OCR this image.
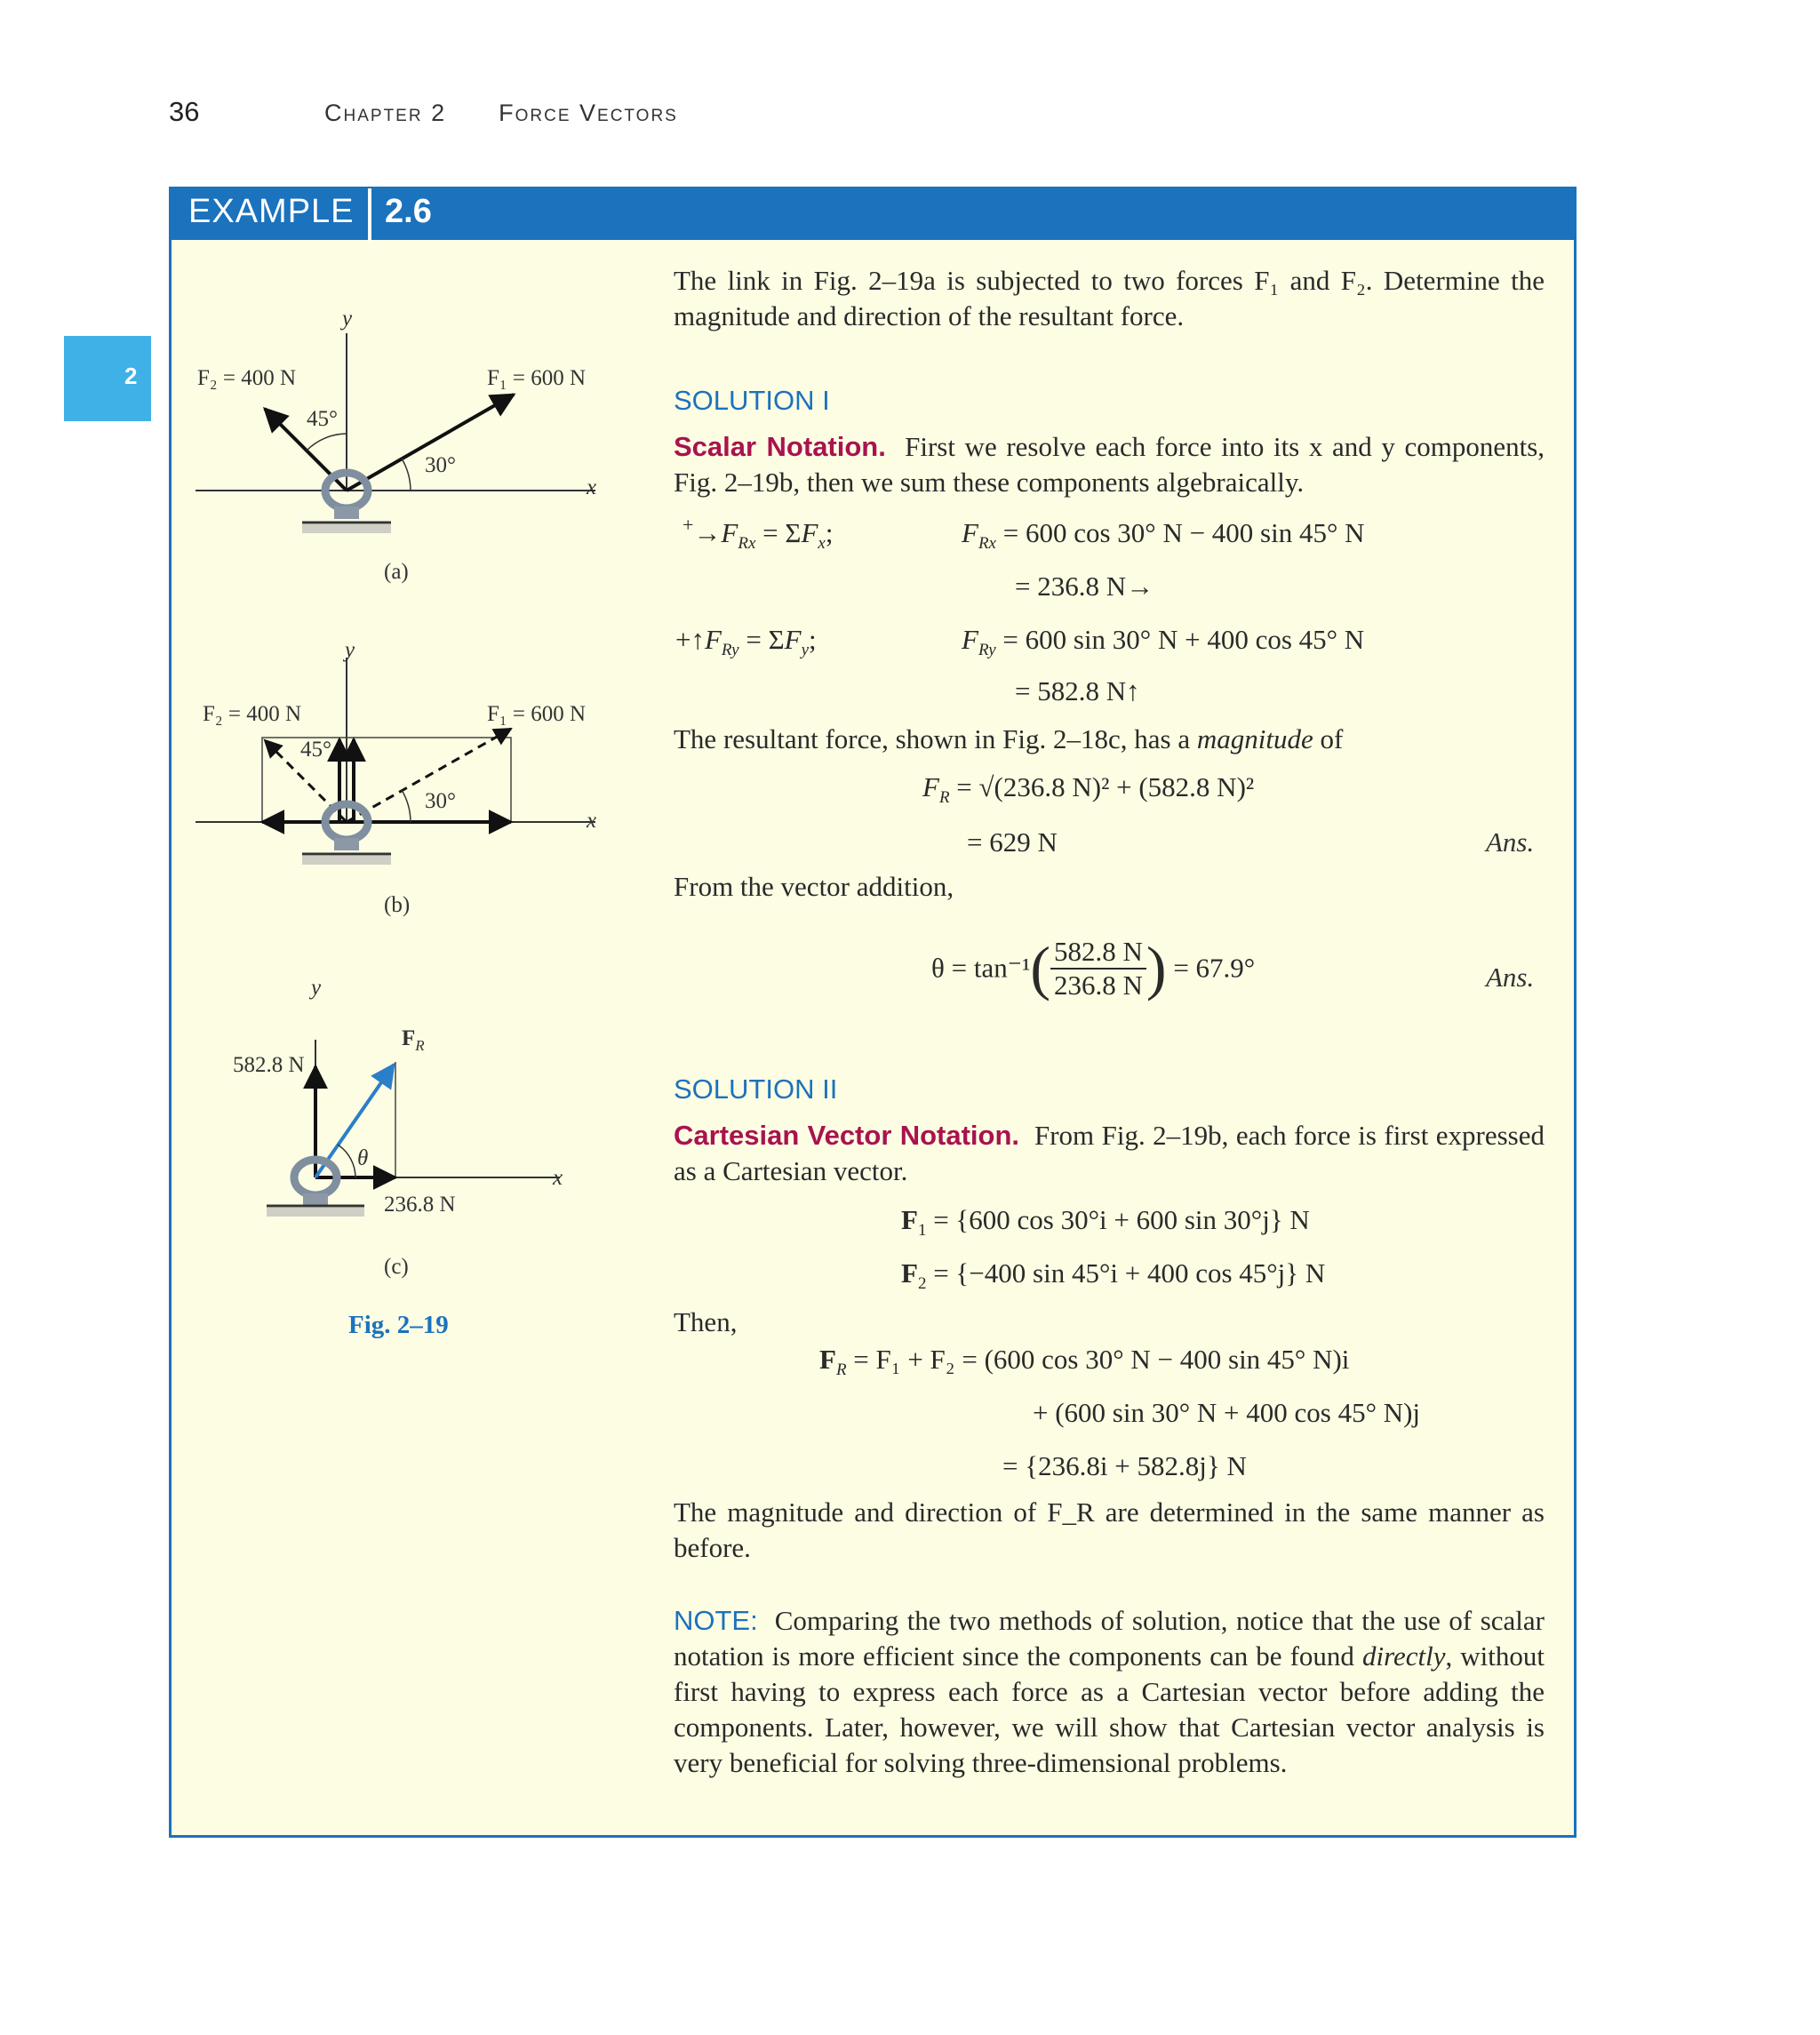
36	Chapter 2 Force Vectors
2
EXAMPLE 2.6
y
F₂ = 400 N	F₁ = 600 N
45°
30°
x
(a)
y
F₂ = 400 N	F₁ = 600 N
45°
30°
x
(b)
y
582.8 N
$F_R$
θ
x
236.8 N
(c)
Fig. 2–19
The link in Fig. 2–19a is subjected to two forces F₁ and F₂. Determine the magnitude and direction of the resultant force.
SOLUTION I
Scalar Notation. First we resolve each force into its x and y components, Fig. 2–19b, then we sum these components algebraically.
$^+\to F_{Rx} = \Sigma F_x$;	$F_{Rx} = 600$ cos 30° N − 400 sin 45° N
= 236.8 N→
$+↑F_{Ry} = \Sigma F_y$;	$F_{Ry} = 600$ sin 30° N + 400 cos 45° N
= 582.8 N↑
The resultant force, shown in Fig. 2–18c, has a magnitude of
$F_R = √(236.8$ N)² + (582.8 N)²
= 629 N	Ans.
From the vector addition,
$\theta = \tan^{-1}( \frac{582.8 N}{236.8 N}$ ) = 67.9°	Ans.
SOLUTION II
Cartesian Vector Notation. From Fig. 2–19b, each force is first expressed as a Cartesian vector.
$F_1 = \{600$ cos 30°i + 600 sin 30°j} N
$F_2 = \{-400$ sin 45°i + 400 cos 45°j} N
Then,
$F_R = F_1 + F_2 = (600$ cos 30° N − 400 sin 45° N)i
+ (600 sin 30° N + 400 cos 45° N)j
= {236.8i + 582.8j} N
The magnitude and direction of F_R are determined in the same manner as before.
NOTE: Comparing the two methods of solution, notice that the use of scalar notation is more efficient since the components can be found directly, without first having to express each force as a Cartesian vector before adding the components. Later, however, we will show that Cartesian vector analysis is very beneficial for solving three-dimensional problems.
